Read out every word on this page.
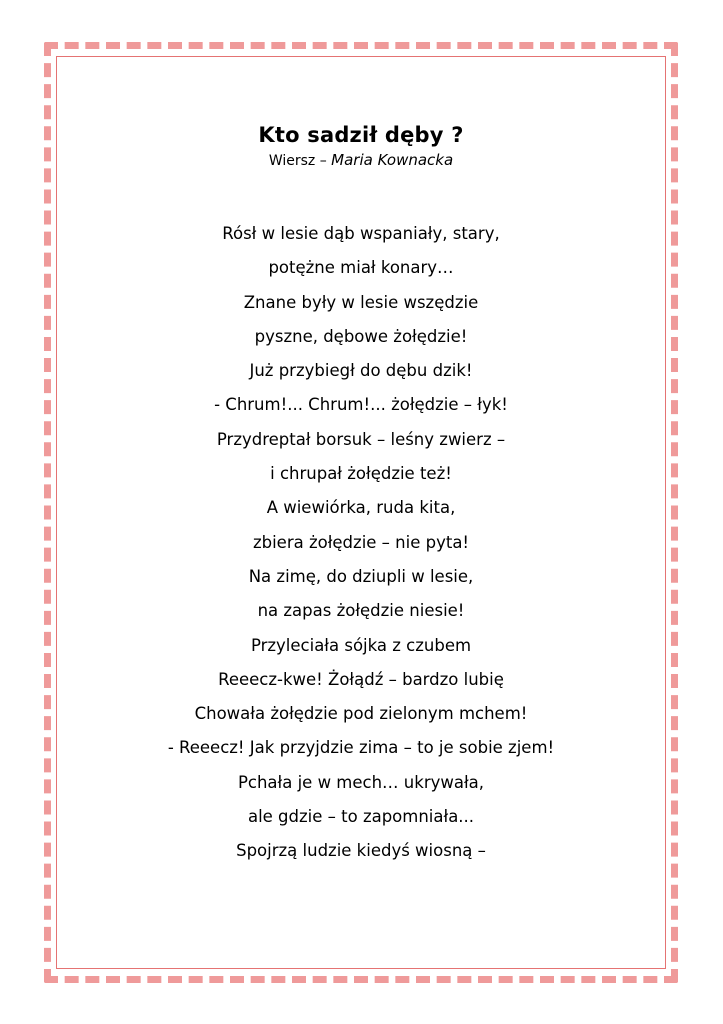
Kto sadził dęby ?
Wiersz – Maria Kownacka
Rósł w lesie dąb wspaniały, stary,
potężne miał konary…
Znane były w lesie wszędzie
pyszne, dębowe żołędzie!
Już przybiegł do dębu dzik!
- Chrum!... Chrum!... żołędzie – łyk!
Przydreptał borsuk – leśny zwierz –
i chrupał żołędzie też!
A wiewiórka, ruda kita,
zbiera żołędzie – nie pyta!
Na zimę, do dziupli w lesie,
na zapas żołędzie niesie!
Przyleciała sójka z czubem
Reeecz-kwe! Żołądź – bardzo lubię
Chowała żołędzie pod zielonym mchem!
- Reeecz! Jak przyjdzie zima – to je sobie zjem!
Pchała je w mech… ukrywała,
ale gdzie – to zapomniała...
Spojrzą ludzie kiedyś wiosną –
